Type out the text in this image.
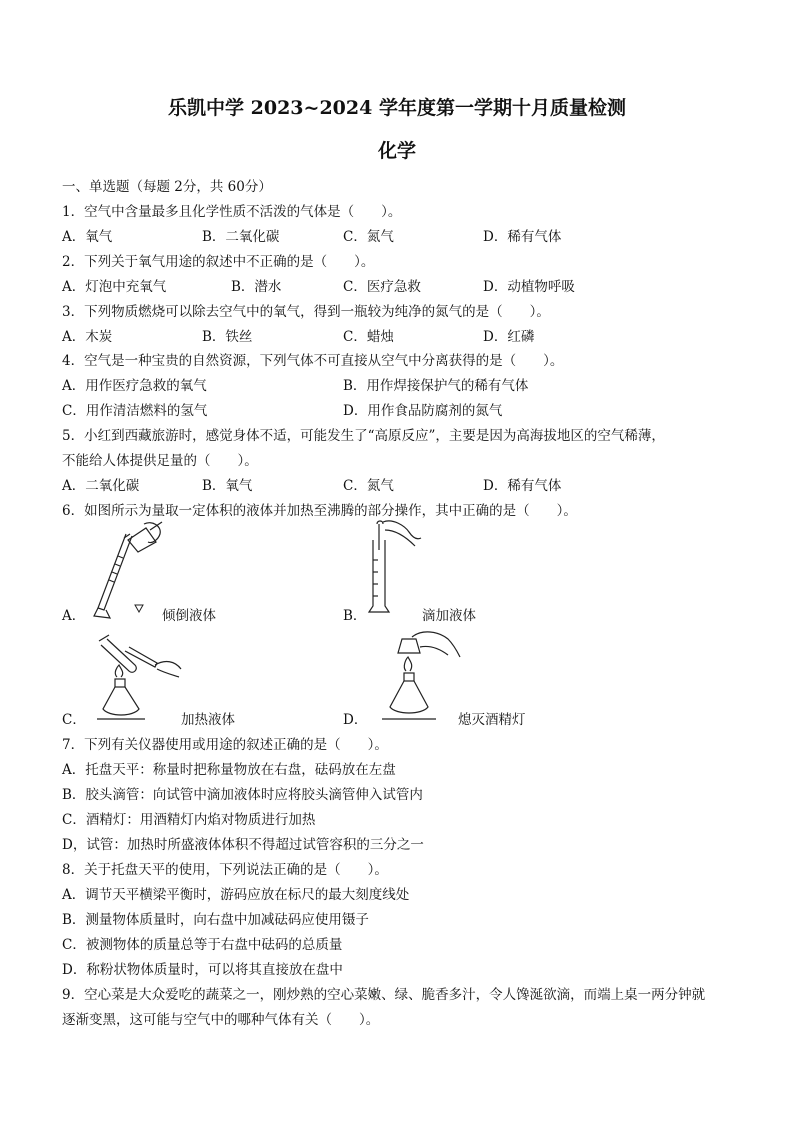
乐凯中学 2023~2024 学年度第一学期十月质量检测
化学
一、单选题（每题 2分，共 60分）
1．空气中含量最多且化学性质不活泼的气体是（　　）。
A．氧气	B．二氧化碳	C．氮气	D．稀有气体
2．下列关于氧气用途的叙述中不正确的是（　　）。
A．灯泡中充氧气	B．潜水	C．医疗急救	D．动植物呼吸
3．下列物质燃烧可以除去空气中的氧气，得到一瓶较为纯净的氮气的是（　　）。
A．木炭	B．铁丝	C．蜡烛	D．红磷
4．空气是一种宝贵的自然资源，下列气体不可直接从空气中分离获得的是（　　）。
A．用作医疗急救的氧气	B．用作焊接保护气的稀有气体
C．用作清洁燃料的氢气	D．用作食品防腐剂的氮气
5．小红到西藏旅游时，感觉身体不适，可能发生了“高原反应”，主要是因为高海拔地区的空气稀薄，
不能给人体提供足量的（　　）。
A．二氧化碳	B．氧气	C．氮气	D．稀有气体
6．如图所示为量取一定体积的液体并加热至沸腾的部分操作，其中正确的是（　　）。
A．	倾倒液体	B．	滴加液体
C．	加热液体	D．	熄灭酒精灯
7．下列有关仪器使用或用途的叙述正确的是（　　）。
A．托盘天平：称量时把称量物放在右盘，砝码放在左盘
B．胶头滴管：向试管中滴加液体时应将胶头滴管伸入试管内
C．酒精灯：用酒精灯内焰对物质进行加热
D，试管：加热时所盛液体体积不得超过试管容积的三分之一
8．关于托盘天平的使用，下列说法正确的是（　　）。
A．调节天平横梁平衡时，游码应放在标尺的最大刻度线处
B．测量物体质量时，向右盘中加减砝码应使用镊子
C．被测物体的质量总等于右盘中砝码的总质量
D．称粉状物体质量时，可以将其直接放在盘中
9．空心菜是大众爱吃的蔬菜之一，刚炒熟的空心菜嫩、绿、脆香多汁，令人馋涎欲滴，而端上桌一两分钟就
逐渐变黑，这可能与空气中的哪种气体有关（　　）。
